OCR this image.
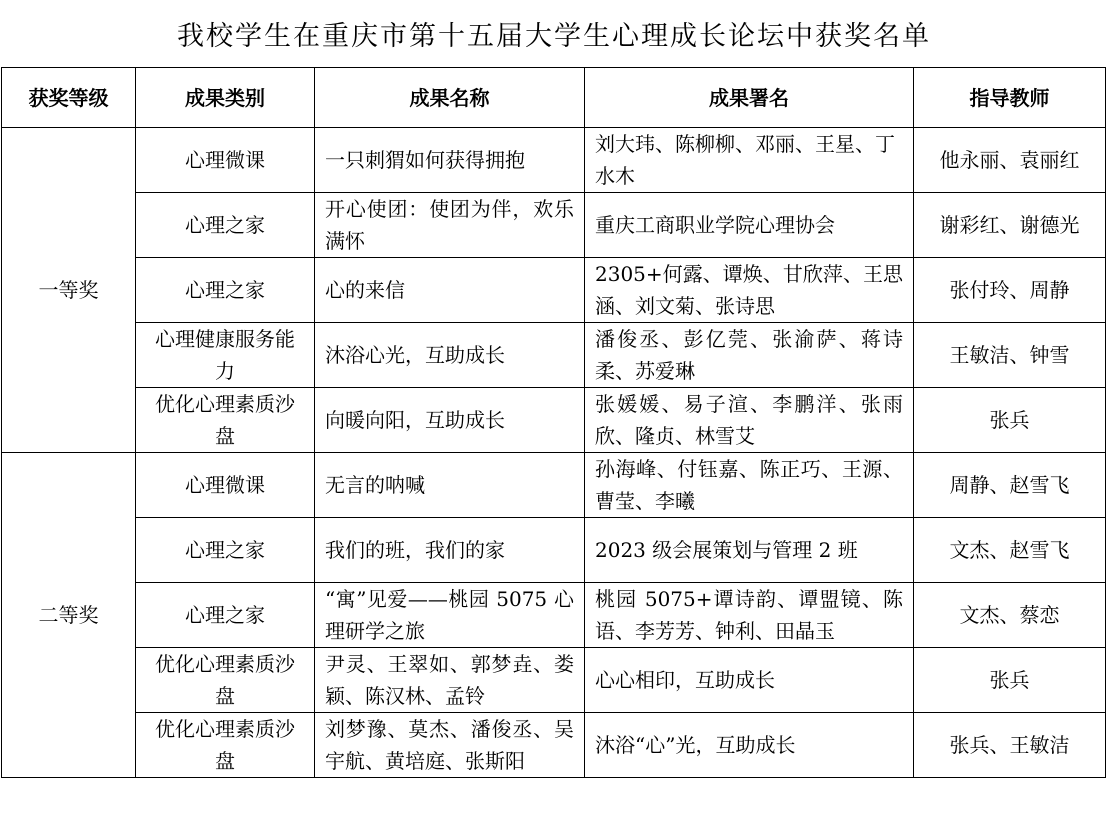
我校学生在重庆市第十五届大学生心理成长论坛中获奖名单
获奖等级	成果类别	成果名称	成果署名	指导教师
一等奖	心理微课	一只刺猬如何获得拥抱	刘大玮、陈柳柳、邓丽、王星、丁水木	他永丽、袁丽红
	心理之家	开心使团：使团为伴，欢乐满怀	重庆工商职业学院心理协会	谢彩红、谢德光
	心理之家	心的来信	2305+何露、谭焕、甘欣萍、王思涵、刘文菊、张诗思	张付玲、周静
	心理健康服务能力	沐浴心光，互助成长	潘俊丞、彭亿莞、张渝萨、蒋诗柔、苏爱琳	王敏洁、钟雪
	优化心理素质沙盘	向暖向阳，互助成长	张媛媛、易子渲、李鹏洋、张雨欣、隆贞、林雪艾	张兵
二等奖	心理微课	无言的呐喊	孙海峰、付钰嘉、陈正巧、王源、曹莹、李曦	周静、赵雪飞
	心理之家	我们的班，我们的家	2023 级会展策划与管理 2 班	文杰、赵雪飞
	心理之家	“寓”见爱——桃园 5075 心理研学之旅	桃园 5075+谭诗韵、谭盟镜、陈语、李芳芳、钟利、田晶玉	文杰、蔡恋
	优化心理素质沙盘	尹灵、王翠如、郭梦垚、娄颖、陈汉林、孟铃	心心相印，互助成长	张兵
	优化心理素质沙盘	刘梦豫、莫杰、潘俊丞、吴宇航、黄培庭、张斯阳	沐浴“心”光，互助成长	张兵、王敏洁
